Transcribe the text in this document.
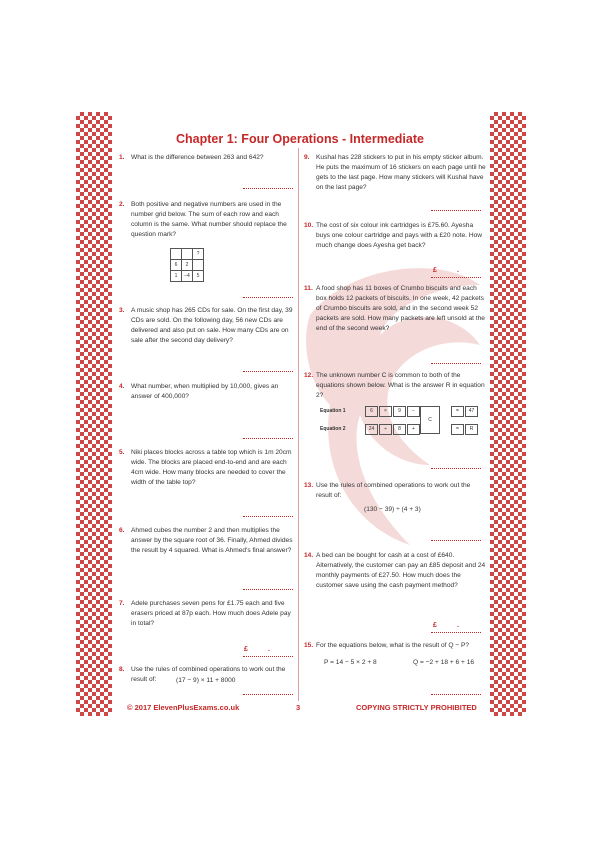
Chapter 1: Four Operations - Intermediate
1. What is the difference between 263 and 642?
2. Both positive and negative numbers are used in the number grid below. The sum of each row and each column is the same. What number should replace the question mark?
		?
6	2	
1	−4	5
3. A music shop has 265 CDs for sale. On the first day, 39 CDs are sold. On the following day, 56 new CDs are delivered and also put on sale. How many CDs are on sale after the second day delivery?
4. What number, when multiplied by 10,000, gives an answer of 400,000?
5. Niki places blocks across a table top which is 1m 20cm wide. The blocks are placed end-to-end and are each 4cm wide. How many blocks are needed to cover the width of the table top?
6. Ahmed cubes the number 2 and then multiplies the answer by the square root of 36. Finally, Ahmed divides the result by 4 squared. What is Ahmed's final answer?
7. Adele purchases seven pens for £1.75 each and five erasers priced at 87p each. How much does Adele pay in total?
£	.
8. Use the rules of combined operations to work out the result of:	(17 − 9) × 11 + 8000
9. Kushal has 228 stickers to put in his empty sticker album. He puts the maximum of 16 stickers on each page until he gets to the last page. How many stickers will Kushal have on the last page?
10. The cost of six colour ink cartridges is £75.60. Ayesha buys one colour cartridge and pays with a £20 note. How much change does Ayesha get back?
£	.
11. A food shop has 11 boxes of Crumbo biscuits and each box holds 12 packets of biscuits. In one week, 42 packets of Crumbo biscuits are sold, and in the second week 52 packets are sold. How many packets are left unsold at the end of the second week?
12. The unknown number C is common to both of the equations shown below. What is the answer R in equation 2?
Equation 1	6	×	9	−	=	47
C
Equation 2	24	÷	8	+	=	R
13. Use the rules of combined operations to work out the result of:
(130 − 39) ÷ (4 + 3)
14. A bed can be bought for cash at a cost of £640. Alternatively, the customer can pay an £85 deposit and 24 monthly payments of £27.50. How much does the customer save using the cash payment method?
£	.
15. For the equations below, what is the result of Q − P?
P = 14 − 5 × 2 + 8	Q = −2 + 18 + 6 + 16
© 2017 ElevenPlusExams.co.uk	3	COPYING STRICTLY PROHIBITED
